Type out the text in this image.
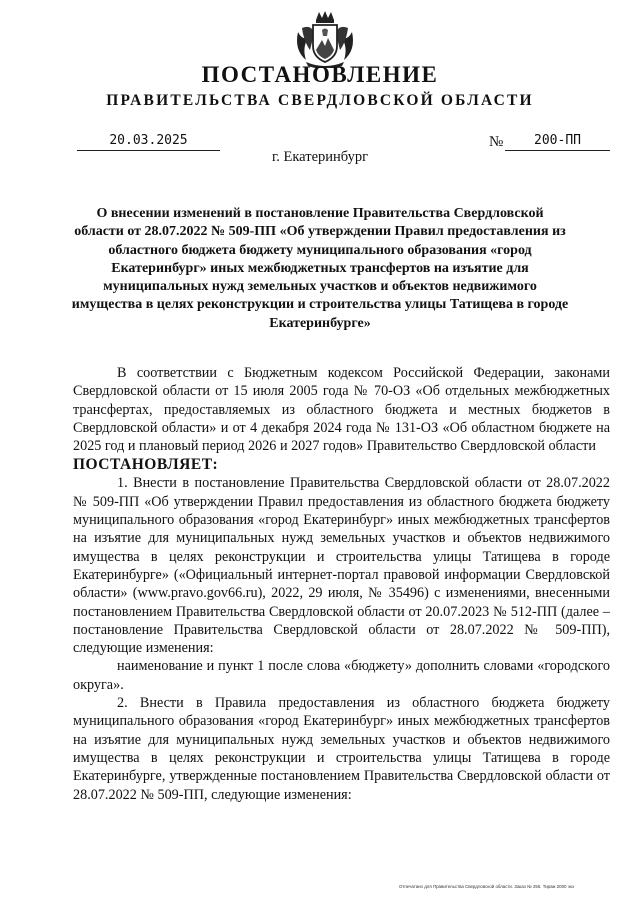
ПОСТАНОВЛЕНИЕ
ПРАВИТЕЛЬСТВА СВЕРДЛОВСКОЙ ОБЛАСТИ
20.03.2025	№	200-ПП
г. Екатеринбург
О внесении изменений в постановление Правительства Свердловской области от 28.07.2022 № 509-ПП «Об утверждении Правил предоставления из областного бюджета бюджету муниципального образования «город Екатеринбург» иных межбюджетных трансфертов на изъятие для муниципальных нужд земельных участков и объектов недвижимого имущества в целях реконструкции и строительства улицы Татищева в городе Екатеринбурге»

В соответствии с Бюджетным кодексом Российской Федерации, законами Свердловской области от 15 июля 2005 года № 70-ОЗ «Об отдельных межбюджетных трансфертах, предоставляемых из областного бюджета и местных бюджетов в Свердловской области» и от 4 декабря 2024 года № 131-ОЗ «Об областном бюджете на 2025 год и плановый период 2026 и 2027 годов» Правительство Свердловской области

ПОСТАНОВЛЯЕТ:

1. Внести в постановление Правительства Свердловской области от 28.07.2022 № 509-ПП «Об утверждении Правил предоставления из областного бюджета бюджету муниципального образования «город Екатеринбург» иных межбюджетных трансфертов на изъятие для муниципальных нужд земельных участков и объектов недвижимого имущества в целях реконструкции и строительства улицы Татищева в городе Екатеринбурге» («Официальный интернет-портал правовой информации Свердловской области» (www.pravo.gov66.ru), 2022, 29 июля, № 35496) с изменениями, внесенными постановлением Правительства Свердловской области от 20.07.2023 № 512-ПП (далее – постановление Правительства Свердловской области от 28.07.2022 № 509-ПП), следующие изменения:

наименование и пункт 1 после слова «бюджету» дополнить словами «городского округа».

2. Внести в Правила предоставления из областного бюджета бюджету муниципального образования «город Екатеринбург» иных межбюджетных трансфертов на изъятие для муниципальных нужд земельных участков и объектов недвижимого имущества в целях реконструкции и строительства улицы Татищева в городе Екатеринбурге, утвержденные постановлением Правительства Свердловской области от 28.07.2022 № 509-ПП, следующие изменения:

Отпечатано для Правительства Свердловской области. Заказ № 256. Тираж 2000 экз
